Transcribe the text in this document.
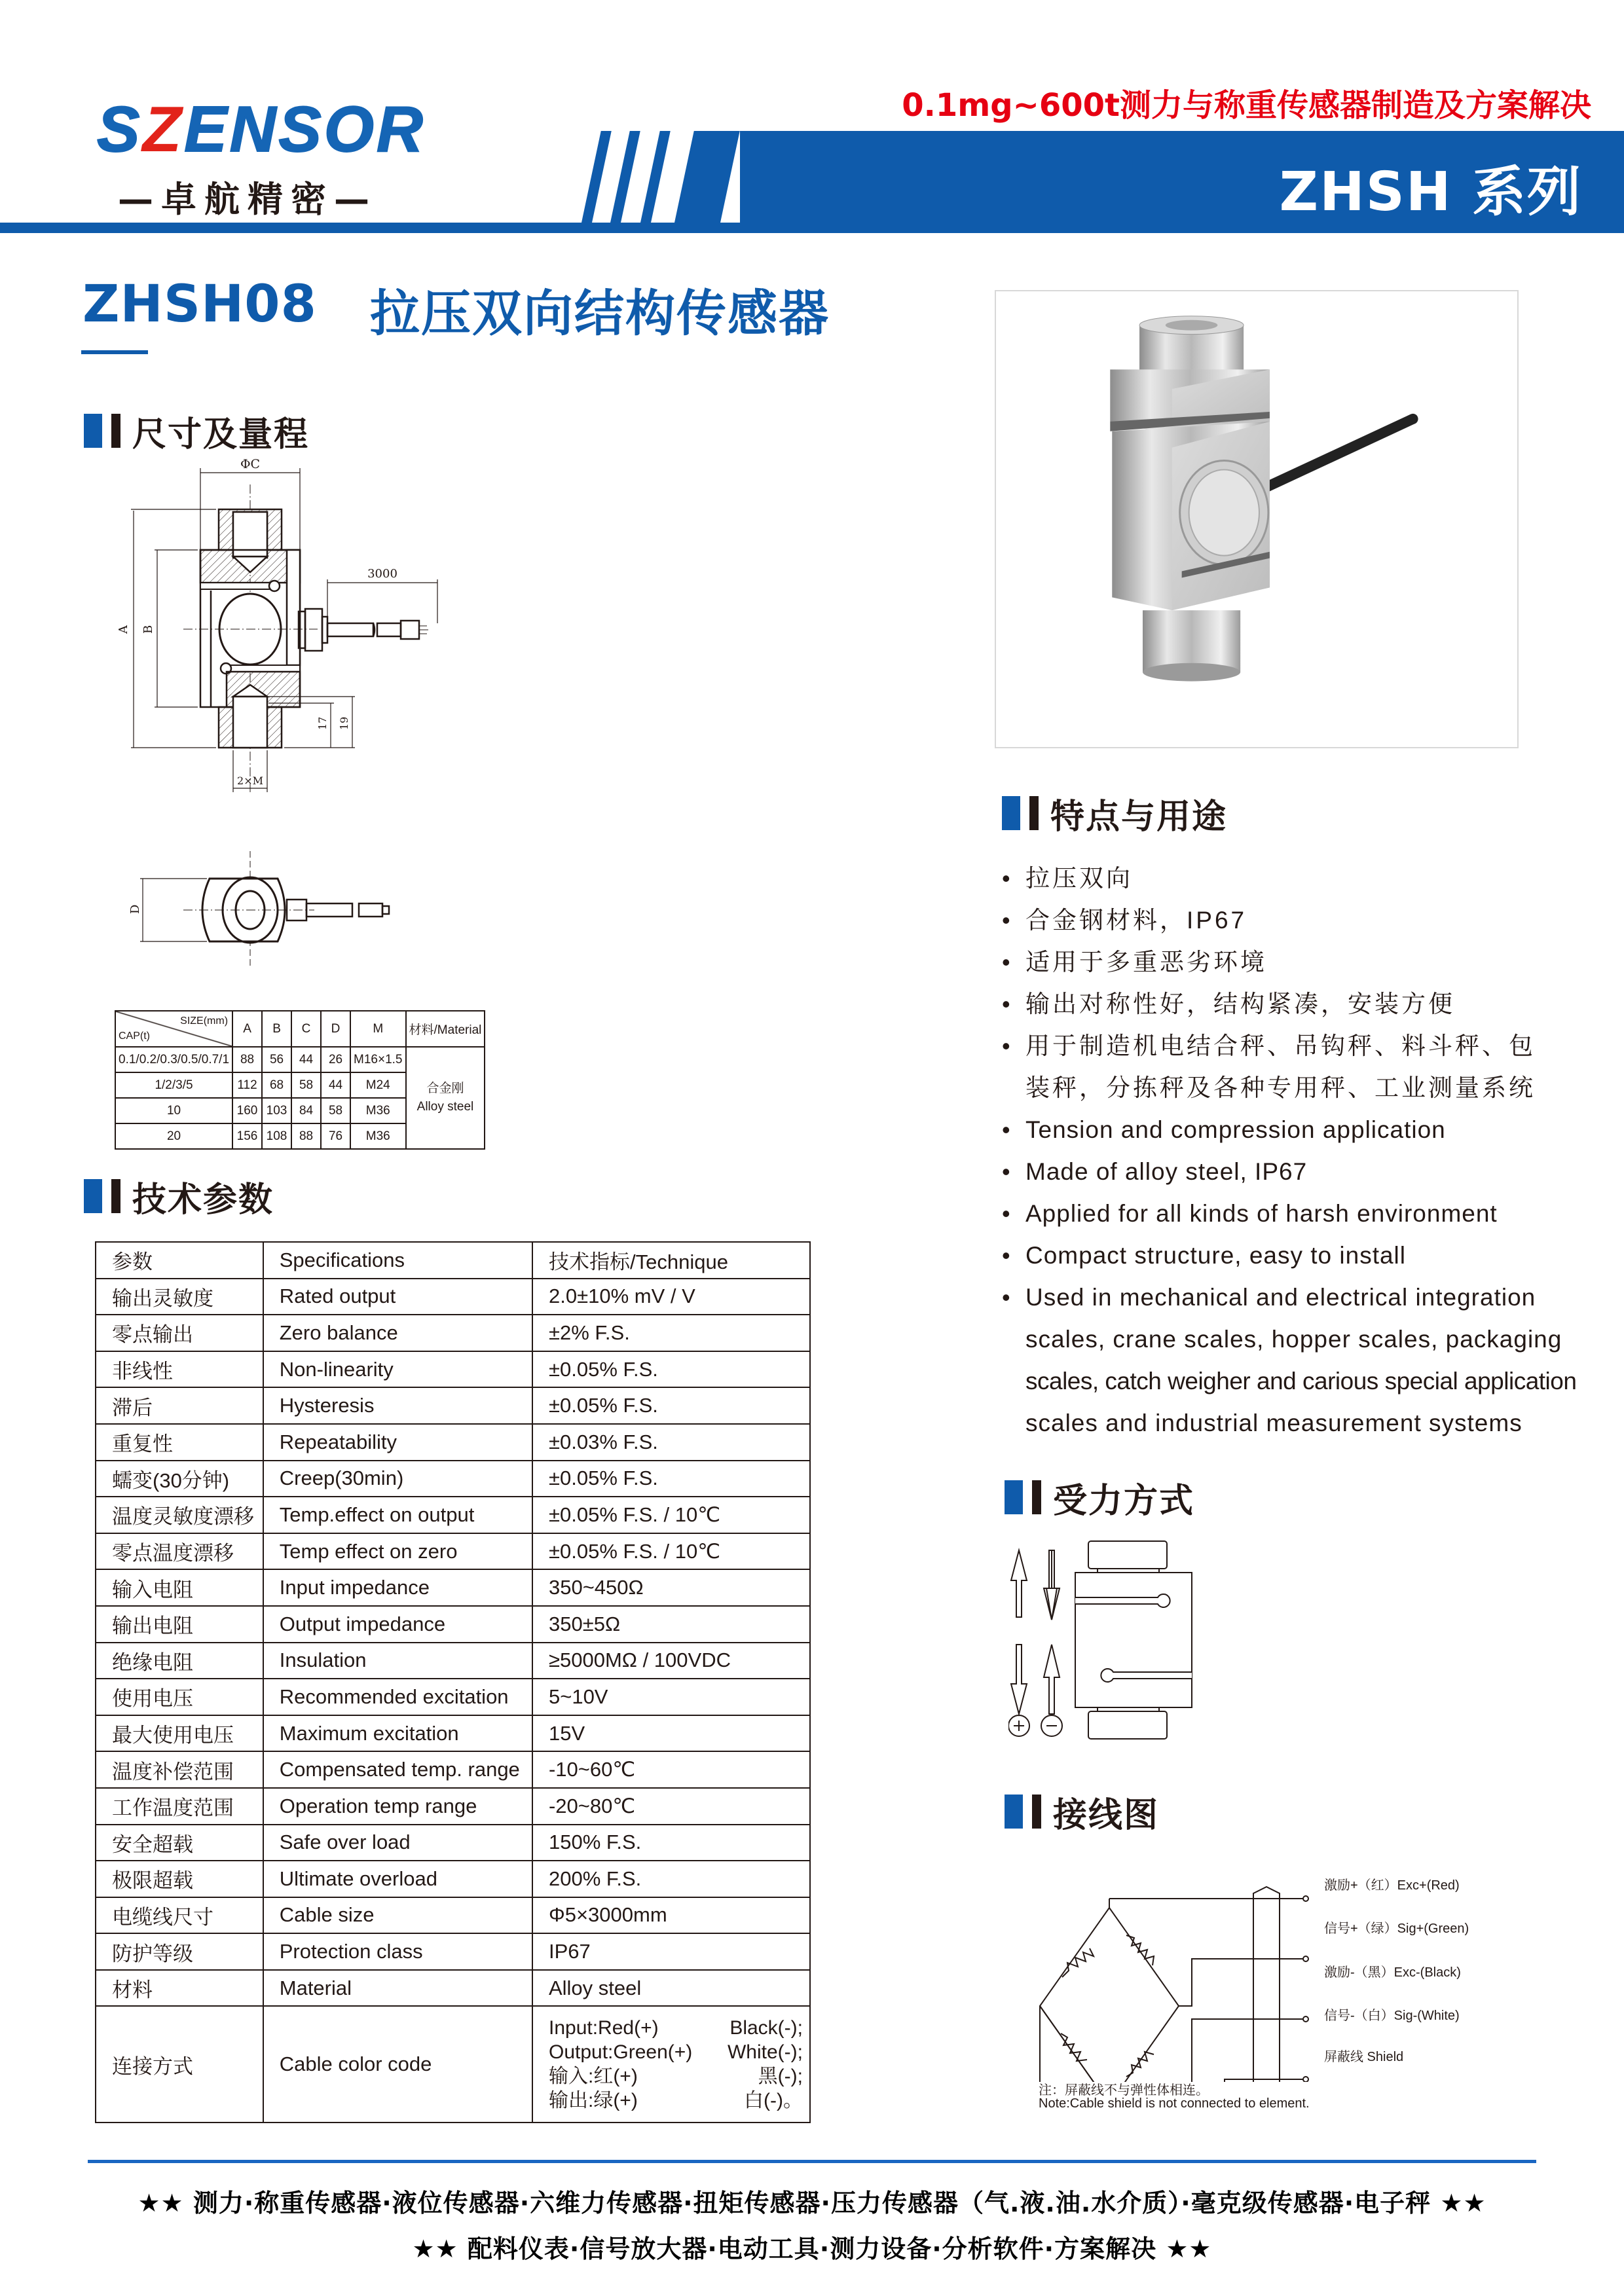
SZENSOR
—卓航精密—
0.1mg~600t测力与称重传感器制造及方案解决
ZHSH 系列
ZHSH08 拉压双向结构传感器
尺寸及量程
ΦC
3000
A B
17 19
2×M
D
SIZE(mm)
CAP(t)	A	B	C	D	M	材料/Material
0.1/0.2/0.3/0.5/0.7/1	88	56	44	26	M16×1.5	合金刚
Alloy steel

1/2/3/5	112	68	58	44	M24	
10	160	103	84	58	M36	
20	156	108	88	76	M36	
技术参数
参数	Specifications	技术指标/Technique
输出灵敏度	Rated output	2.0±10% mV / V
零点输出	Zero balance	±2% F.S.
非线性	Non-linearity	±0.05% F.S.
滞后	Hysteresis	±0.05% F.S.
重复性	Repeatability	±0.03% F.S.
蠕变(30分钟)	Creep(30min)	±0.05% F.S.
温度灵敏度漂移	Temp.effect on output	±0.05% F.S. / 10℃
零点温度漂移	Temp effect on zero	±0.05% F.S. / 10℃
输入电阻	Input impedance	350~450Ω
输出电阻	Output impedance	350±5Ω
绝缘电阻	Insulation	≥5000MΩ / 100VDC
使用电压	Recommended excitation	5~10V
最大使用电压	Maximum excitation	15V
温度补偿范围	Compensated temp. range	-10~60℃
工作温度范围	Operation temp range	-20~80℃
安全超载	Safe over load	150% F.S.
极限超载	Ultimate overload	200% F.S.
电缆线尺寸	Cable size	Φ5×3000mm
防护等级	Protection class	IP67
材料	Material	Alloy steel
连接方式	Cable color code	
Input:Red(+)	Black(-);
Output:Green(+)	White(-);
输入:红(+)	黑(-);
输出:绿(+)	白(-)。
特点与用途
• 拉压双向
• 合金钢材料，IP67
• 适用于多重恶劣环境
• 输出对称性好，结构紧凑，安装方便
• 用于制造机电结合秤、吊钩秤、料斗秤、包
装秤，分拣秤及各种专用秤、工业测量系统
• Tension and compression application
• Made of alloy steel, IP67
• Applied for all kinds of harsh environment
• Compact structure, easy to install
• Used in mechanical and electrical integration
scales, crane scales, hopper scales, packaging
scales, catch weigher and carious special application
scales and industrial measurement systems
受力方式
接线图
激励+（红）Exc+(Red)
信号+（绿）Sig+(Green)
激励-（黑）Exc-(Black)
信号-（白）Sig-(White)
屏蔽线 Shield
注：屏蔽线不与弹性体相连。
Note:Cable shield is not connected to element.
★★ 测力·称重传感器·液位传感器·六维力传感器·扭矩传感器·压力传感器（气.液.油.水介质）·毫克级传感器·电子秤 ★★
★★ 配料仪表·信号放大器·电动工具·测力设备·分析软件·方案解决 ★★
